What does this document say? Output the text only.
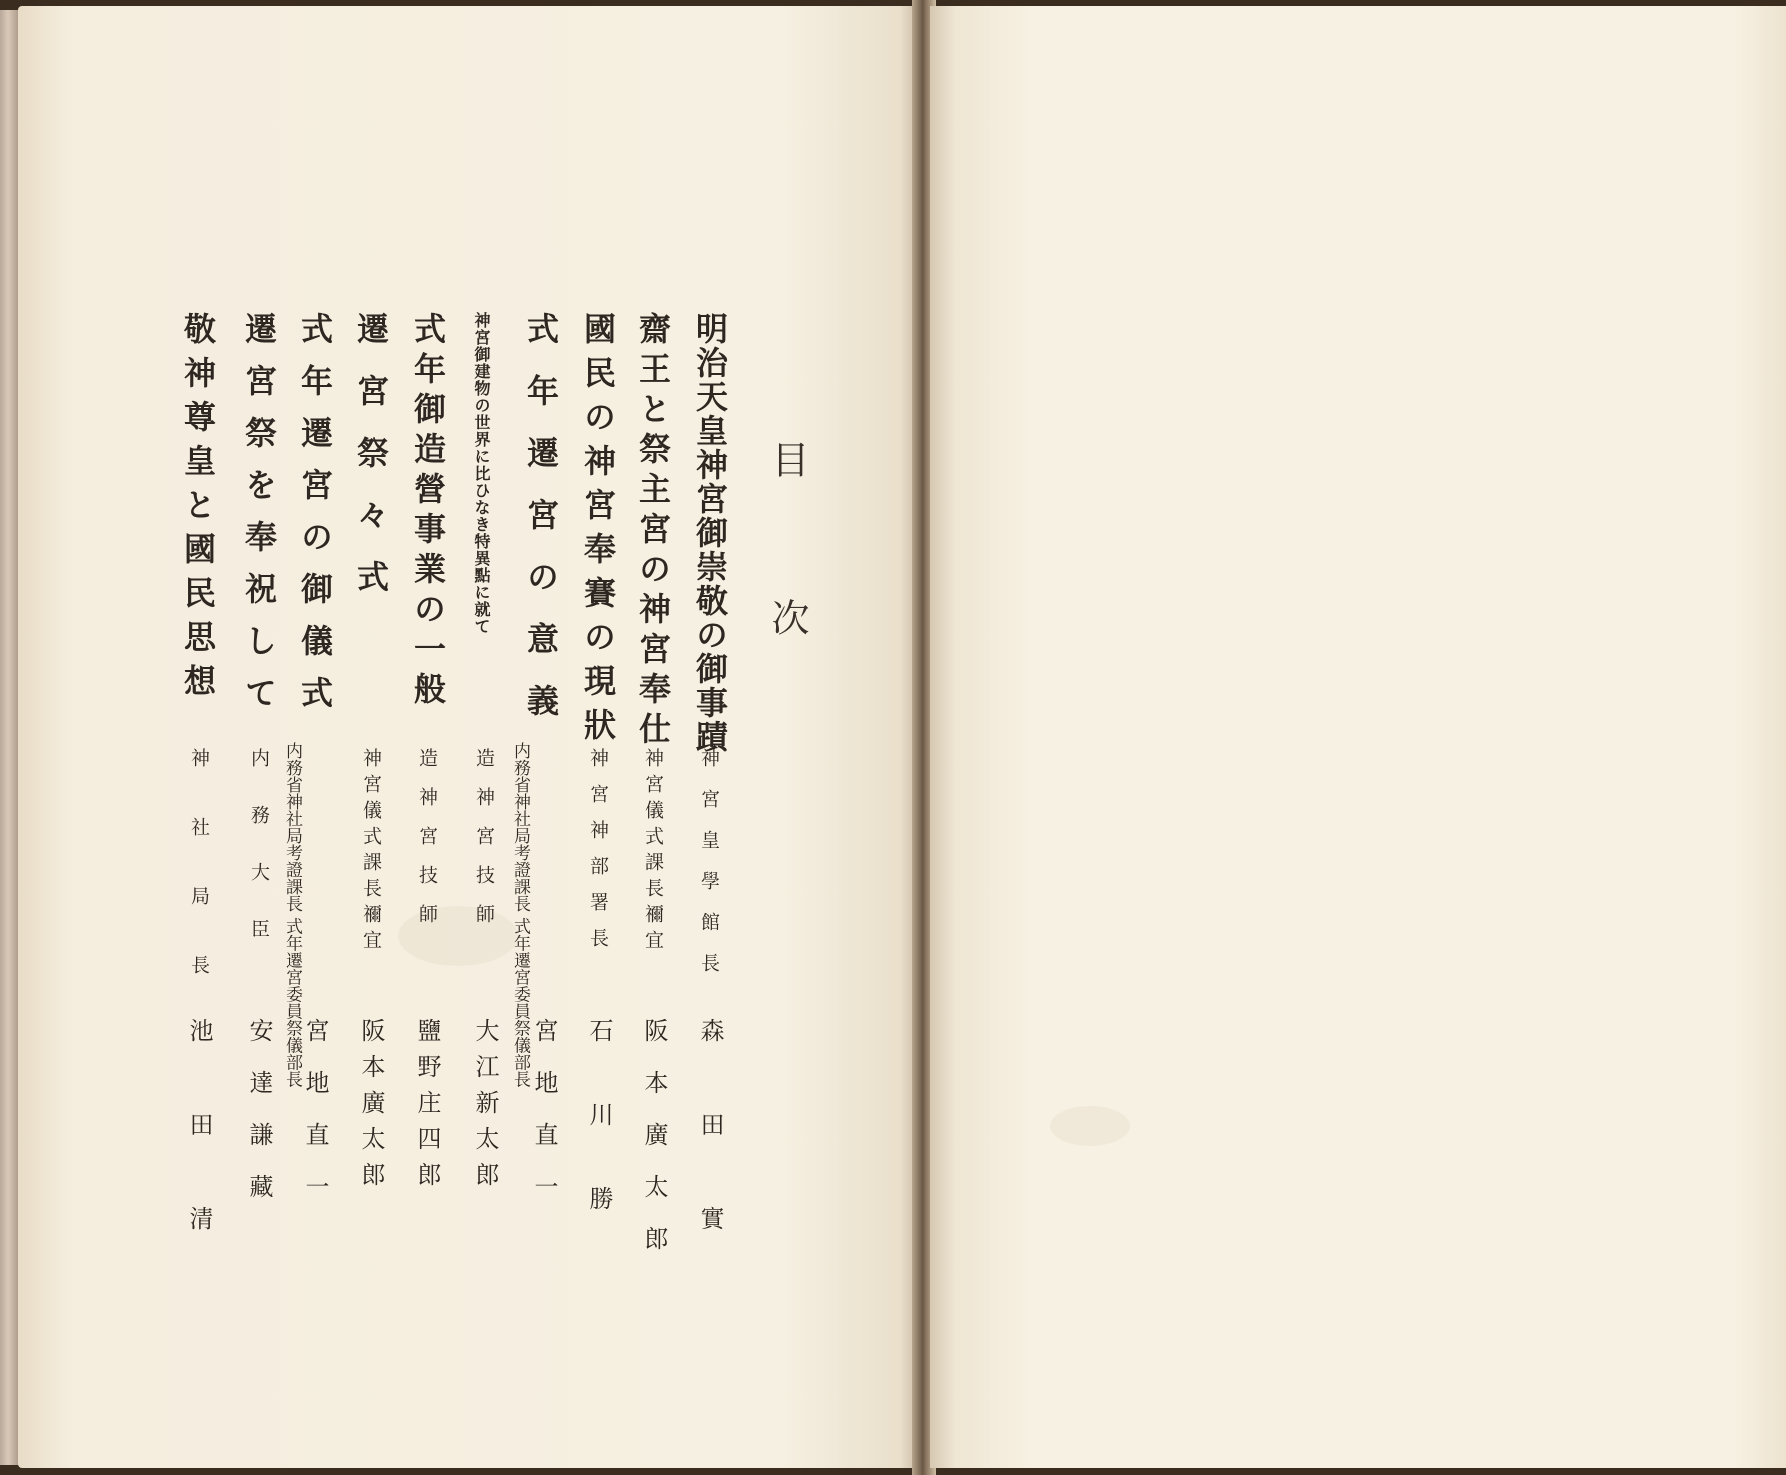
目次
明治天皇神宮御崇敬の御事蹟
神宮皇學館長
森田實
齋王と祭主宮の神宮奉仕
神宮儀式課長禰宜
阪本廣太郎
國民の神宮奉賽の現狀
神宮神部署長
石川勝
式年遷宮の意義
内務省神社局考證課長 式年遷宮委員祭儀部長
宮地直一
神宮御建物の世界に比ひなき特異點に就て
造神宮技師
大江新太郎
式年御造營事業の一般
造神宮技師
鹽野庄四郎
遷宮祭々式
神宮儀式課長禰宜
阪本廣太郎
式年遷宮の御儀式
内務省神社局考證課長 式年遷宮委員祭儀部長
宮地直一
遷宮祭を奉祝して
内務大臣
安達謙藏
敬神尊皇と國民思想
神社局長
池田清
